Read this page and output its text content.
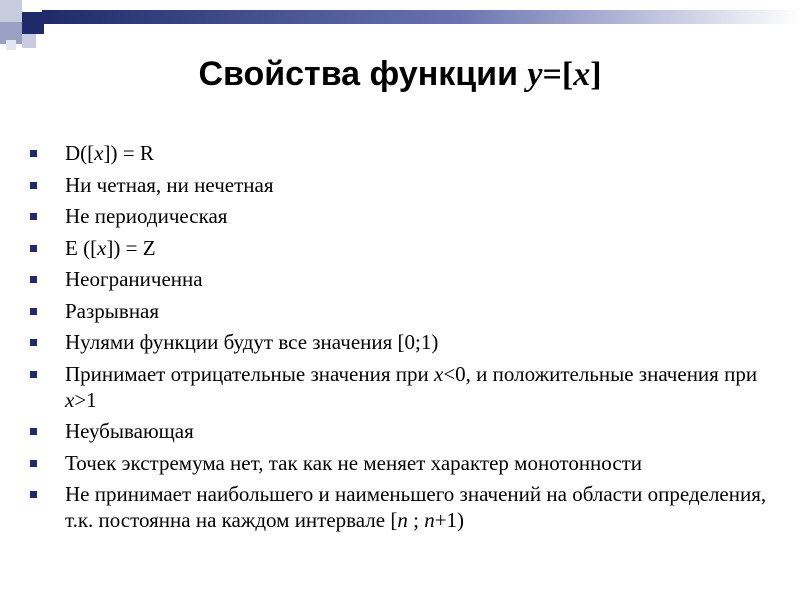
Свойства функции y=[x]
D([x]) = R
Ни четная, ни нечетная
Не периодическая
E ([x]) = Z
Неограниченна
Разрывная
Нулями функции будут все значения [0;1)
Принимает отрицательные значения при x<0, и положительные значения при x>1
Неубывающая
Точек экстремума нет, так как не меняет характер монотонности
Не принимает наибольшего и наименьшего значений на области определения, т.к. постоянна на каждом интервале [n ; n+1)
